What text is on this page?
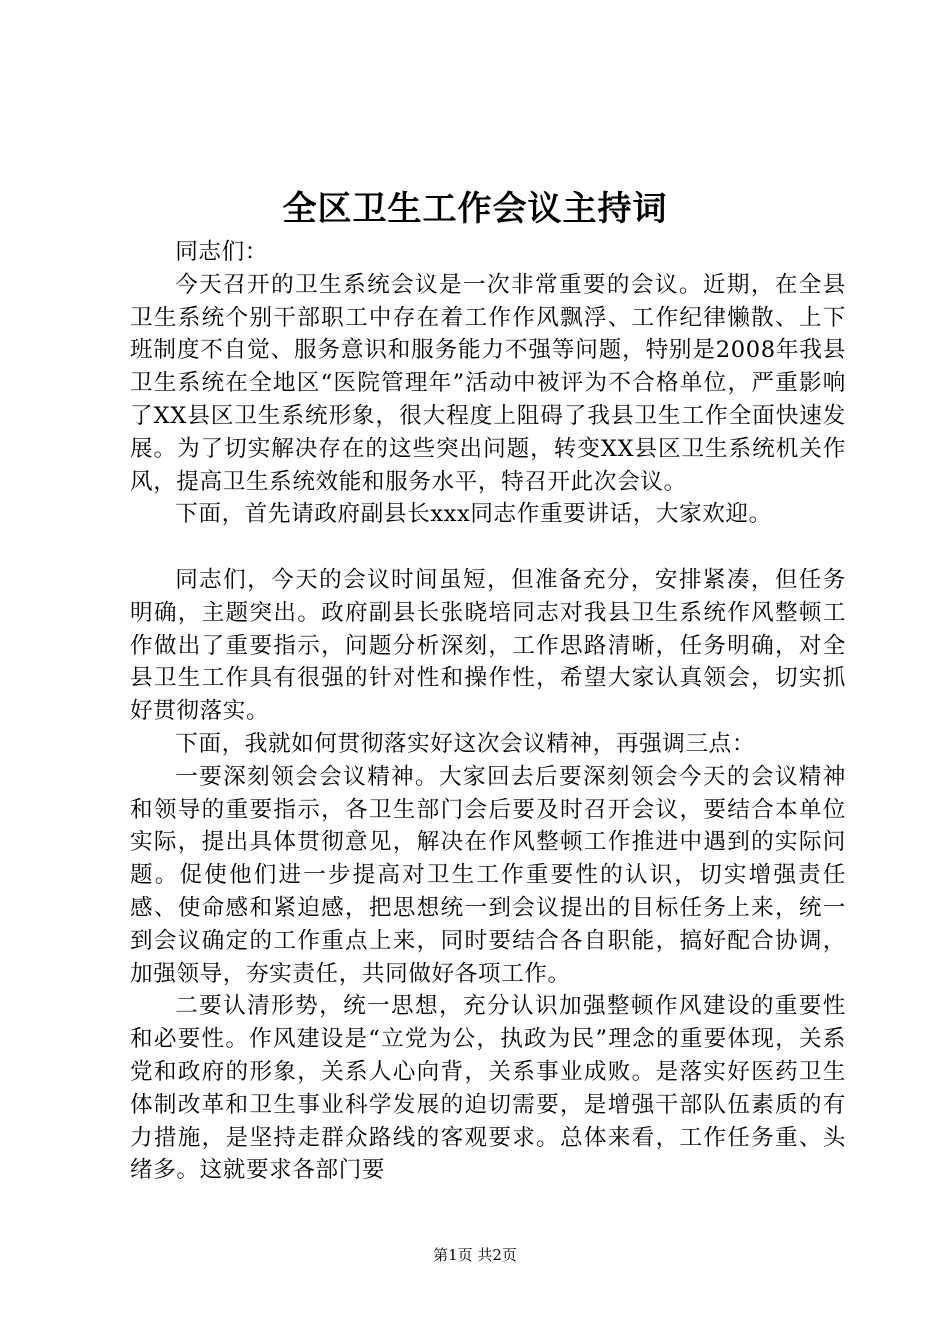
全区卫生工作会议主持词

同志们：

今天召开的卫生系统会议是一次非常重要的会议。近期，在全县卫生系统个别干部职工中存在着工作作风飘浮、工作纪律懒散、上下班制度不自觉、服务意识和服务能力不强等问题，特别是2008年我县卫生系统在全地区“医院管理年”活动中被评为不合格单位，严重影响了XX县区卫生系统形象，很大程度上阻碍了我县卫生工作全面快速发展。为了切实解决存在的这些突出问题，转变XX县区卫生系统机关作风，提高卫生系统效能和服务水平，特召开此次会议。

下面，首先请政府副县长xxx同志作重要讲话，大家欢迎。

同志们，今天的会议时间虽短，但准备充分，安排紧凑，但任务明确，主题突出。政府副县长张晓培同志对我县卫生系统作风整顿工作做出了重要指示，问题分析深刻，工作思路清晰，任务明确，对全县卫生工作具有很强的针对性和操作性，希望大家认真领会，切实抓好贯彻落实。

下面，我就如何贯彻落实好这次会议精神，再强调三点：

一要深刻领会会议精神。大家回去后要深刻领会今天的会议精神和领导的重要指示，各卫生部门会后要及时召开会议，要结合本单位实际，提出具体贯彻意见，解决在作风整顿工作推进中遇到的实际问题。促使他们进一步提高对卫生工作重要性的认识，切实增强责任感、使命感和紧迫感，把思想统一到会议提出的目标任务上来，统一到会议确定的工作重点上来，同时要结合各自职能，搞好配合协调，加强领导，夯实责任，共同做好各项工作。

二要认清形势，统一思想，充分认识加强整顿作风建设的重要性和必要性。作风建设是“立党为公，执政为民”理念的重要体现，关系党和政府的形象，关系人心向背，关系事业成败。是落实好医药卫生体制改革和卫生事业科学发展的迫切需要，是增强干部队伍素质的有力措施，是坚持走群众路线的客观要求。总体来看，工作任务重、头绪多。这就要求各部门要

第1页 共2页
